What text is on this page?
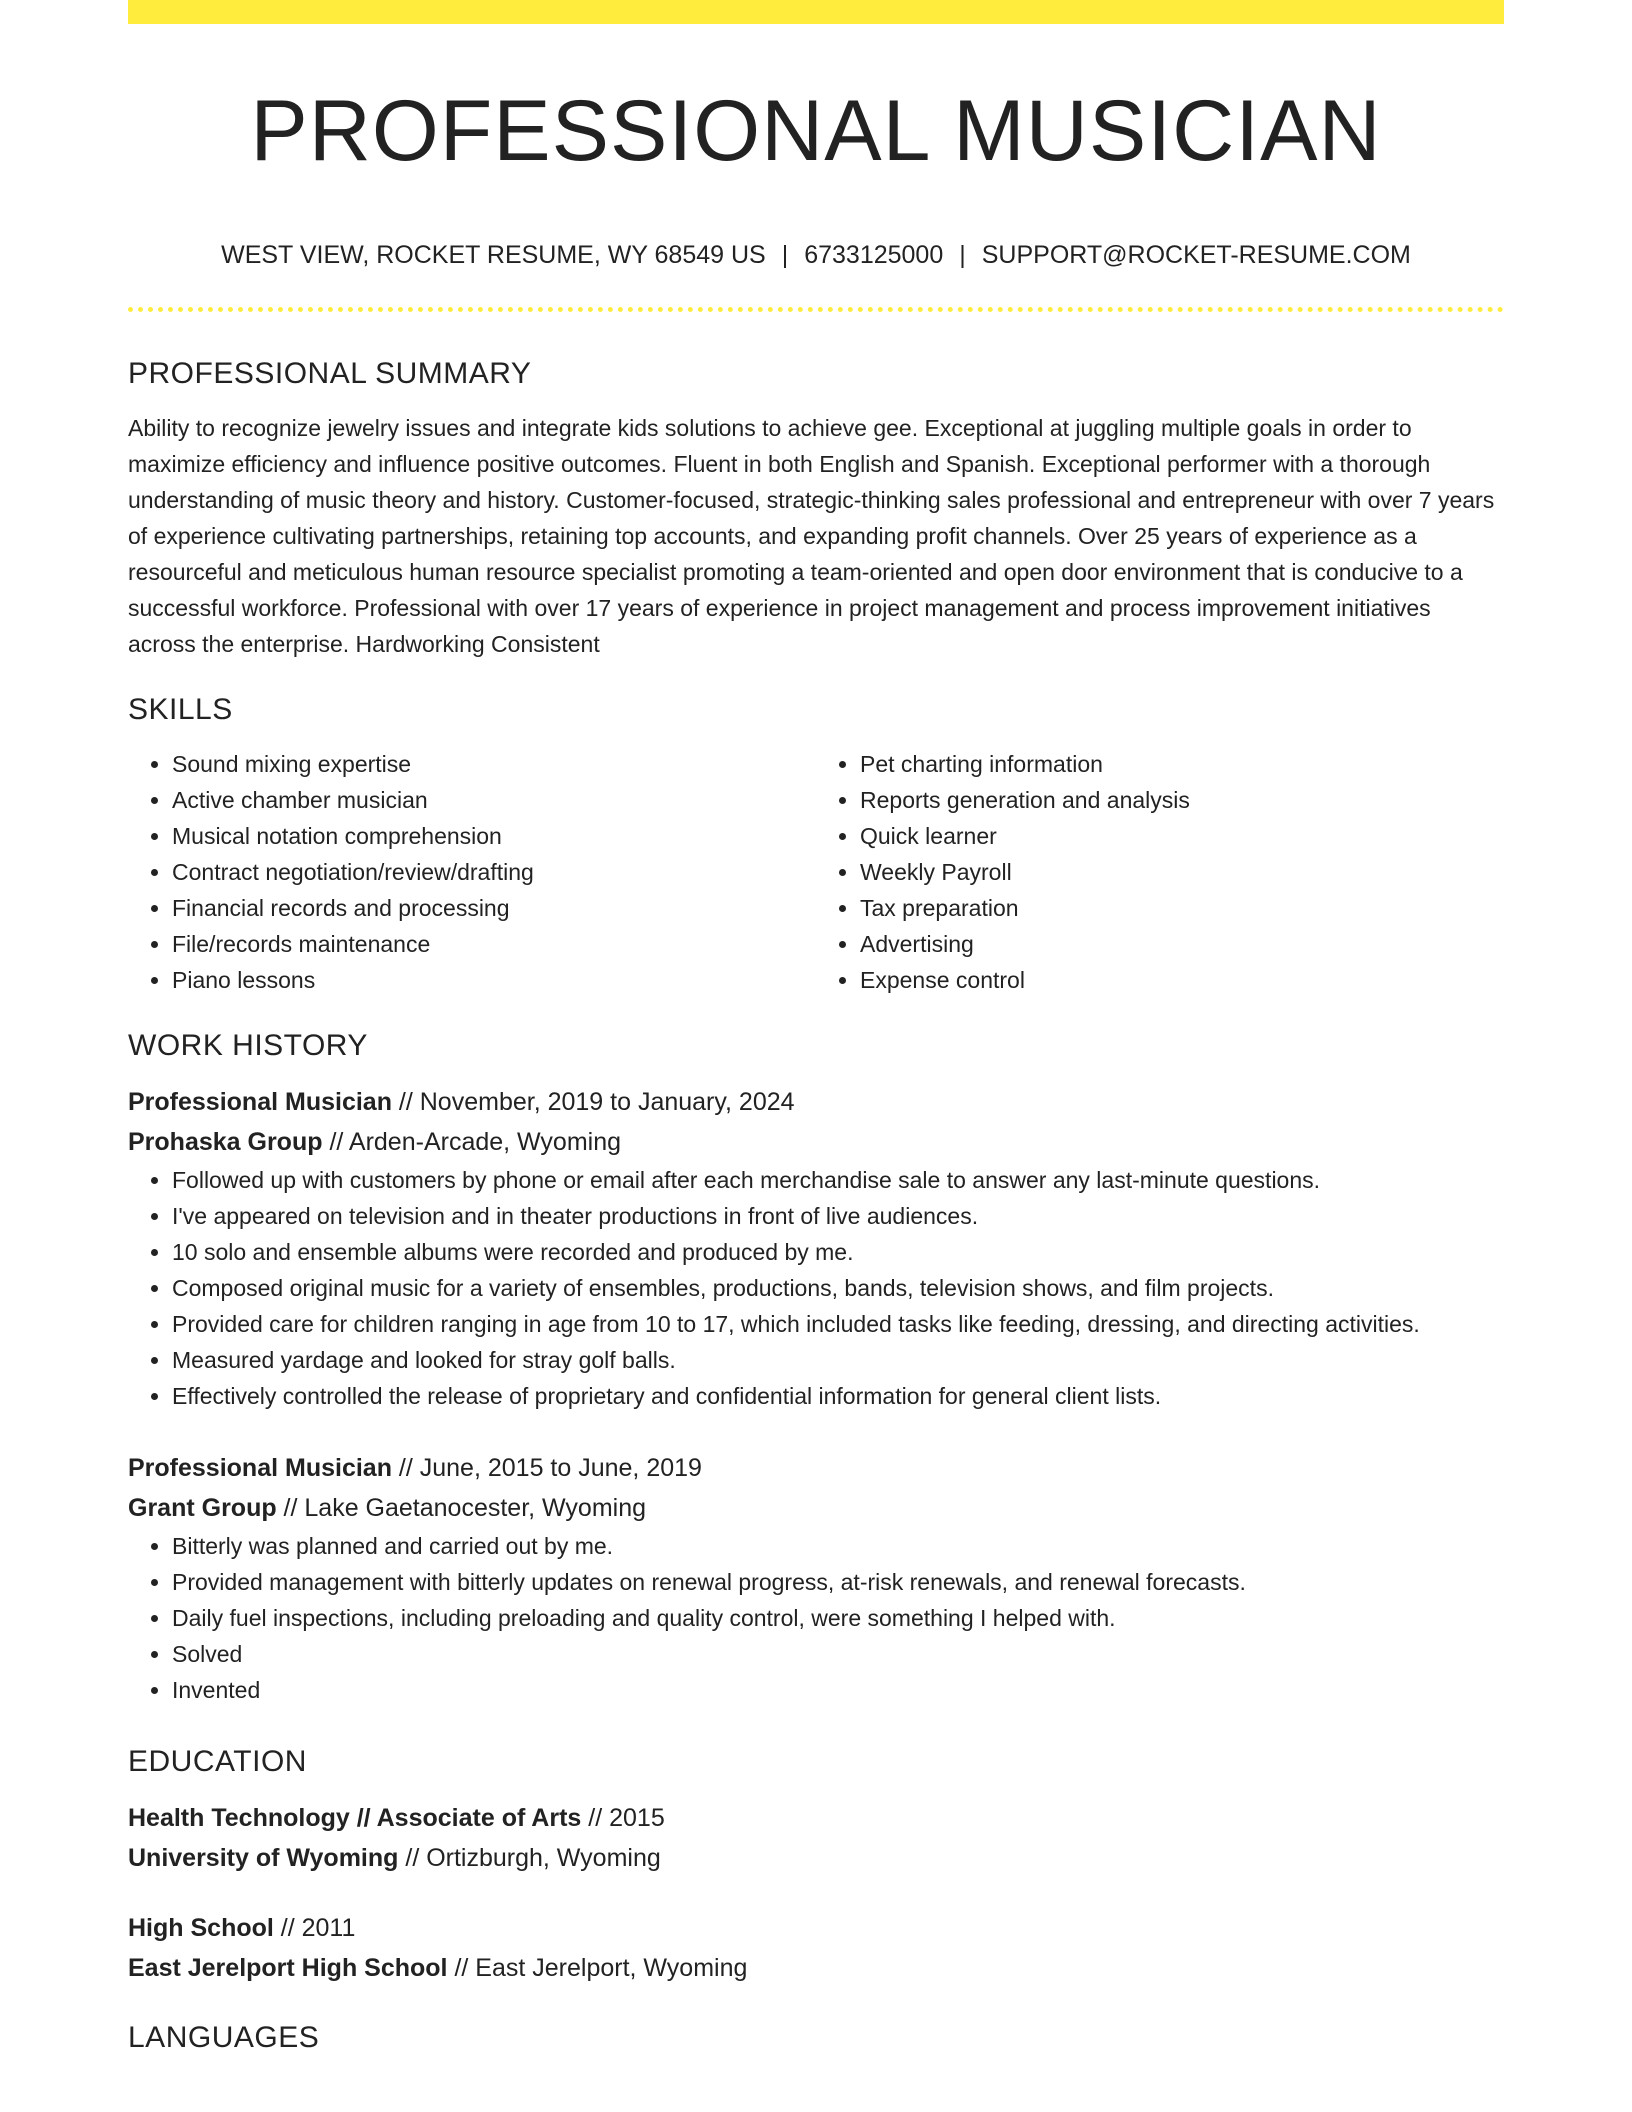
PROFESSIONAL MUSICIAN

WEST VIEW, ROCKET RESUME, WY 68549 US | 6733125000 | SUPPORT@ROCKET-RESUME.COM

PROFESSIONAL SUMMARY

Ability to recognize jewelry issues and integrate kids solutions to achieve gee. Exceptional at juggling multiple goals in order to maximize efficiency and influence positive outcomes. Fluent in both English and Spanish. Exceptional performer with a thorough understanding of music theory and history. Customer-focused, strategic-thinking sales professional and entrepreneur with over 7 years of experience cultivating partnerships, retaining top accounts, and expanding profit channels. Over 25 years of experience as a resourceful and meticulous human resource specialist promoting a team-oriented and open door environment that is conducive to a successful workforce. Professional with over 17 years of experience in project management and process improvement initiatives across the enterprise. Hardworking Consistent

SKILLS
• Sound mixing expertise
• Active chamber musician
• Musical notation comprehension
• Contract negotiation/review/drafting
• Financial records and processing
• File/records maintenance
• Piano lessons
• Pet charting information
• Reports generation and analysis
• Quick learner
• Weekly Payroll
• Tax preparation
• Advertising
• Expense control
WORK HISTORY
Professional Musician // November, 2019 to January, 2024
Prohaska Group // Arden-Arcade, Wyoming
• Followed up with customers by phone or email after each merchandise sale to answer any last-minute questions.
• I've appeared on television and in theater productions in front of live audiences.
• 10 solo and ensemble albums were recorded and produced by me.
• Composed original music for a variety of ensembles, productions, bands, television shows, and film projects.
• Provided care for children ranging in age from 10 to 17, which included tasks like feeding, dressing, and directing activities.
• Measured yardage and looked for stray golf balls.
• Effectively controlled the release of proprietary and confidential information for general client lists.
Professional Musician // June, 2015 to June, 2019
Grant Group // Lake Gaetanocester, Wyoming
• Bitterly was planned and carried out by me.
• Provided management with bitterly updates on renewal progress, at-risk renewals, and renewal forecasts.
• Daily fuel inspections, including preloading and quality control, were something I helped with.
• Solved
• Invented
EDUCATION
Health Technology // Associate of Arts // 2015
University of Wyoming // Ortizburgh, Wyoming
High School // 2011
East Jerelport High School // East Jerelport, Wyoming
LANGUAGES
